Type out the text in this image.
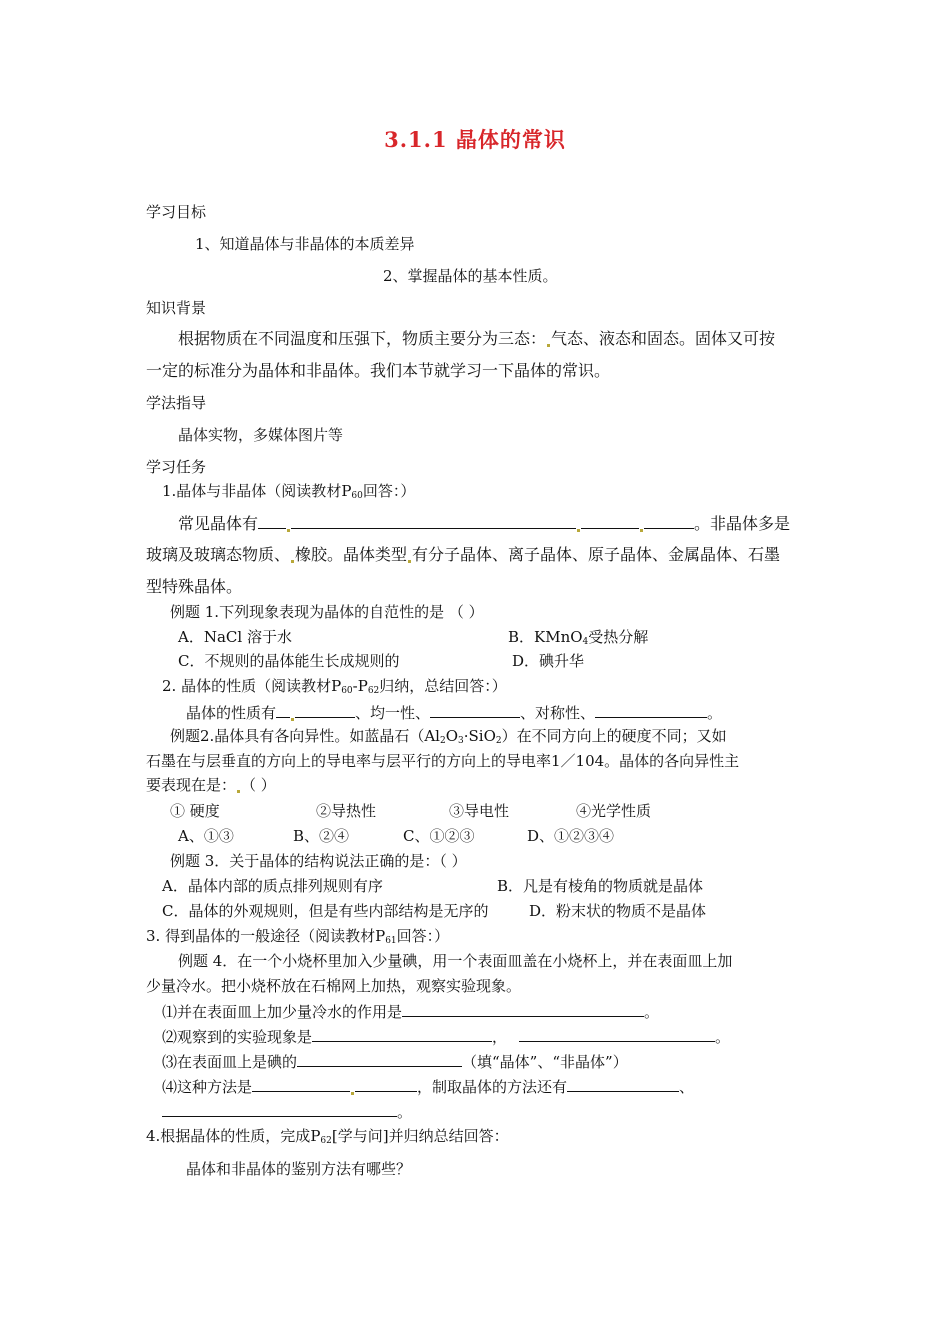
3.1.1 晶体的常识
学习目标
1、知道晶体与非晶体的本质差异
2、掌握晶体的基本性质。
知识背景
根据物质在不同温度和压强下，物质主要分为三态： 气态、液态和固态。固体又可按
一定的标准分为晶体和非晶体。我们本节就学习一下晶体的常识。
学法指导
晶体实物，多媒体图片等
学习任务
1.晶体与非晶体（阅读教材$P_{60}$回答：）
常见晶体有	。非晶体多是
玻璃及玻璃态物质、 橡胶。晶体类型 有分子晶体、离子晶体、原子晶体、金属晶体、石墨
型特殊晶体。
例题 1.下列现象表现为晶体的自范性的是 （ ）
A．NaCl 溶于水	B．KMnO$_4$受热分解
C．不规则的晶体能生长成规则的	D．碘升华
2. 晶体的性质（阅读教材$P_{60}-P_{62}$归纳，总结回答：）
晶体的性质有	、均一性、	、对称性、	。
例题2.晶体具有各向异性。如蓝晶石$(Al_2O_3\cdot SiO_2)$在不同方向上的硬度不同；又如
石墨在与层垂直的方向上的导电率与层平行的方向上的导电率1／104。晶体的各向异性主
要表现在是： （ ）
① 硬度	②导热性	③导电性	④光学性质
A、①③	B、②④	C、①②③	D、①②③④
例题 3．关于晶体的结构说法正确的是：（ ）
A．晶体内部的质点排列规则有序	B．凡是有棱角的物质就是晶体
C．晶体的外观规则，但是有些内部结构是无序的	D．粉末状的物质不是晶体
3. 得到晶体的一般途径（阅读教材$P_{61}$回答：）
例题 4．在一个小烧杯里加入少量碘，用一个表面皿盖在小烧杯上，并在表面皿上加
少量冷水。把小烧杯放在石棉网上加热，观察实验现象。
⑴并在表面皿上加少量冷水的作用是	。
⑵观察到的实验现象是	，	。
⑶在表面皿上是碘的	（填“晶体”、“非晶体”）
⑷这种方法是	，制取晶体的方法还有	、
。
4.根据晶体的性质，完成$P_{62}$[学与问]并归纳总结回答：
晶体和非晶体的鉴别方法有哪些？
